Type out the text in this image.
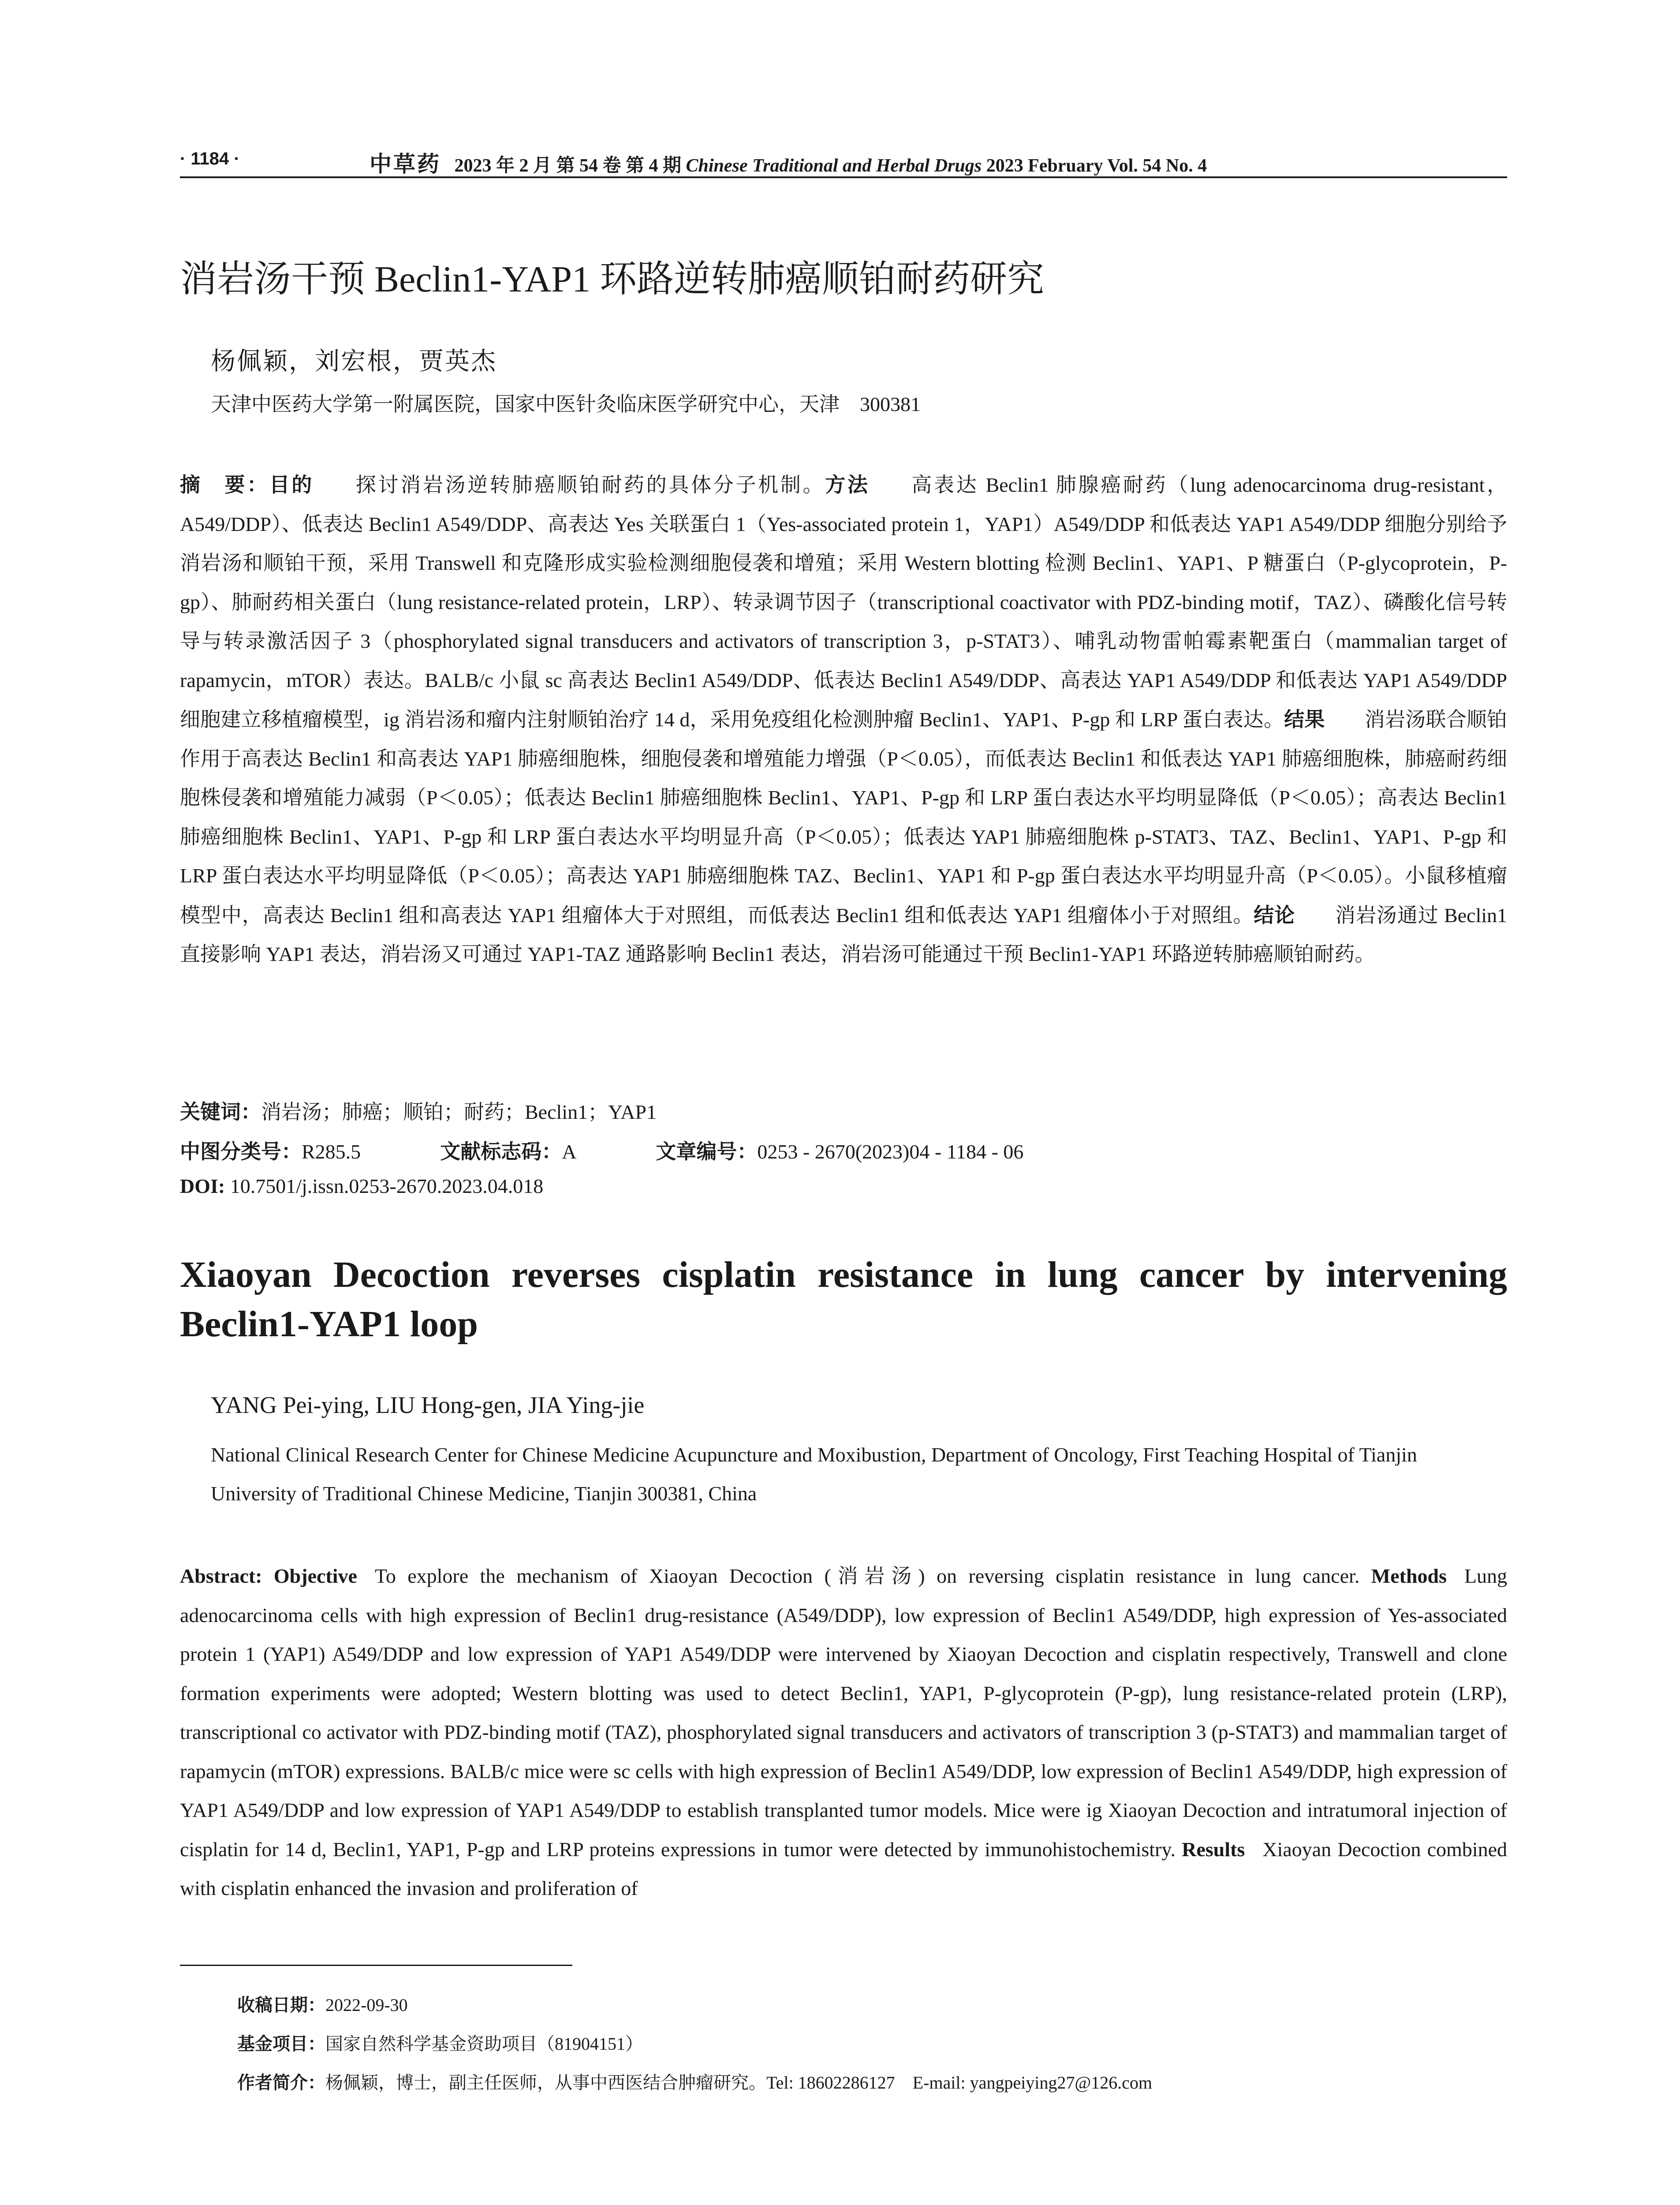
· 1184 ·	中草药 2023 年 2 月 第 54 卷 第 4 期 Chinese Traditional and Herbal Drugs 2023 February Vol. 54 No. 4
消岩汤干预 Beclin1-YAP1 环路逆转肺癌顺铂耐药研究
杨佩颖，刘宏根，贾英杰
天津中医药大学第一附属医院，国家中医针灸临床医学研究中心，天津　300381
摘　要：目的 探讨消岩汤逆转肺癌顺铂耐药的具体分子机制。方法 高表达 Beclin1 肺腺癌耐药（lung adenocarcinoma drug-resistant，A549/DDP）、低表达 Beclin1 A549/DDP、高表达 Yes 关联蛋白 1（Yes-associated protein 1，YAP1）A549/DDP 和低表达 YAP1 A549/DDP 细胞分别给予消岩汤和顺铂干预，采用 Transwell 和克隆形成实验检测细胞侵袭和增殖；采用 Western blotting 检测 Beclin1、YAP1、P 糖蛋白（P-glycoprotein，P-gp）、肺耐药相关蛋白（lung resistance-related protein，LRP）、转录调节因子（transcriptional coactivator with PDZ-binding motif，TAZ）、磷酸化信号转导与转录激活因子 3（phosphorylated signal transducers and activators of transcription 3，p-STAT3）、哺乳动物雷帕霉素靶蛋白（mammalian target of rapamycin，mTOR）表达。BALB/c 小鼠 sc 高表达 Beclin1 A549/DDP、低表达 Beclin1 A549/DDP、高表达 YAP1 A549/DDP 和低表达 YAP1 A549/DDP 细胞建立移植瘤模型，ig 消岩汤和瘤内注射顺铂治疗 14 d，采用免疫组化检测肿瘤 Beclin1、YAP1、P-gp 和 LRP 蛋白表达。结果 消岩汤联合顺铂作用于高表达 Beclin1 和高表达 YAP1 肺癌细胞株，细胞侵袭和增殖能力增强（P＜0.05），而低表达 Beclin1 和低表达 YAP1 肺癌细胞株，肺癌耐药细胞株侵袭和增殖能力减弱（P＜0.05）；低表达 Beclin1 肺癌细胞株 Beclin1、YAP1、P-gp 和 LRP 蛋白表达水平均明显降低（P＜0.05）；高表达 Beclin1 肺癌细胞株 Beclin1、YAP1、P-gp 和 LRP 蛋白表达水平均明显升高（P＜0.05）；低表达 YAP1 肺癌细胞株 p-STAT3、TAZ、Beclin1、YAP1、P-gp 和 LRP 蛋白表达水平均明显降低（P＜0.05）；高表达 YAP1 肺癌细胞株 TAZ、Beclin1、YAP1 和 P-gp 蛋白表达水平均明显升高（P＜0.05）。小鼠移植瘤模型中，高表达 Beclin1 组和高表达 YAP1 组瘤体大于对照组，而低表达 Beclin1 组和低表达 YAP1 组瘤体小于对照组。结论 消岩汤通过 Beclin1 直接影响 YAP1 表达，消岩汤又可通过 YAP1-TAZ 通路影响 Beclin1 表达，消岩汤可能通过干预 Beclin1-YAP1 环路逆转肺癌顺铂耐药。
关键词：消岩汤；肺癌；顺铂；耐药；Beclin1；YAP1
中图分类号：R285.5	文献标志码：A	文章编号：0253 - 2670(2023)04 - 1184 - 06
DOI: 10.7501/j.issn.0253-2670.2023.04.018
Xiaoyan Decoction reverses cisplatin resistance in lung cancer by intervening Beclin1-YAP1 loop
YANG Pei-ying, LIU Hong-gen, JIA Ying-jie
National Clinical Research Center for Chinese Medicine Acupuncture and Moxibustion, Department of Oncology, First Teaching Hospital of Tianjin University of Traditional Chinese Medicine, Tianjin 300381, China
Abstract: Objective To explore the mechanism of Xiaoyan Decoction (消岩汤) on reversing cisplatin resistance in lung cancer. Methods Lung adenocarcinoma cells with high expression of Beclin1 drug-resistance (A549/DDP), low expression of Beclin1 A549/DDP, high expression of Yes-associated protein 1 (YAP1) A549/DDP and low expression of YAP1 A549/DDP were intervened by Xiaoyan Decoction and cisplatin respectively, Transwell and clone formation experiments were adopted; Western blotting was used to detect Beclin1, YAP1, P-glycoprotein (P-gp), lung resistance-related protein (LRP), transcriptional co activator with PDZ-binding motif (TAZ), phosphorylated signal transducers and activators of transcription 3 (p-STAT3) and mammalian target of rapamycin (mTOR) expressions. BALB/c mice were sc cells with high expression of Beclin1 A549/DDP, low expression of Beclin1 A549/DDP, high expression of YAP1 A549/DDP and low expression of YAP1 A549/DDP to establish transplanted tumor models. Mice were ig Xiaoyan Decoction and intratumoral injection of cisplatin for 14 d, Beclin1, YAP1, P-gp and LRP proteins expressions in tumor were detected by immunohistochemistry. Results Xiaoyan Decoction combined with cisplatin enhanced the invasion and proliferation of
收稿日期：2022-09-30
基金项目：国家自然科学基金资助项目（81904151）
作者简介：杨佩颖，博士，副主任医师，从事中西医结合肿瘤研究。Tel: 18602286127　E-mail: yangpeiying27@126.com
